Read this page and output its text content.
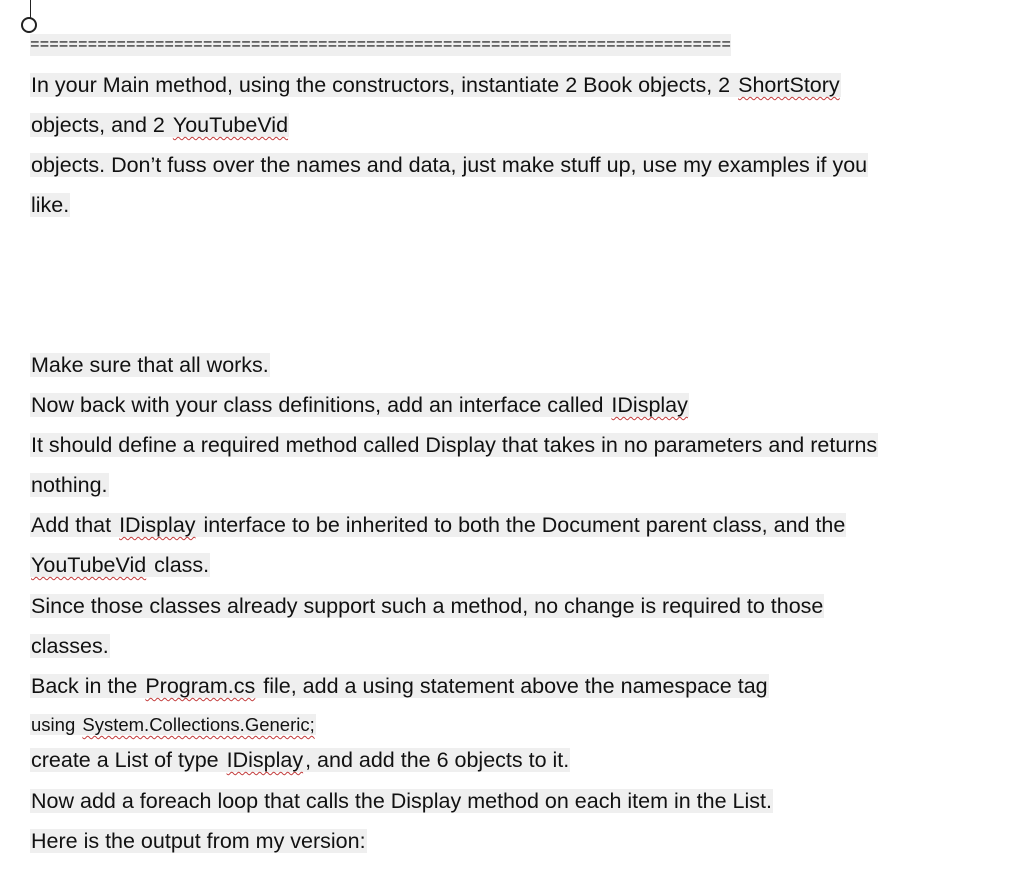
=========================================================================
In your Main method, using the constructors, instantiate 2 Book objects, 2 ShortStory
objects, and 2 YouTubeVid
objects. Don’t fuss over the names and data, just make stuff up, use my examples if you
like.
Make sure that all works.
Now back with your class definitions, add an interface called IDisplay
It should define a required method called Display that takes in no parameters and returns
nothing.
Add that IDisplay interface to be inherited to both the Document parent class, and the
YouTubeVid class.
Since those classes already support such a method, no change is required to those
classes.
Back in the Program.cs file, add a using statement above the namespace tag
using System.Collections.Generic;
create a List of type IDisplay, and add the 6 objects to it.
Now add a foreach loop that calls the Display method on each item in the List.
Here is the output from my version:
